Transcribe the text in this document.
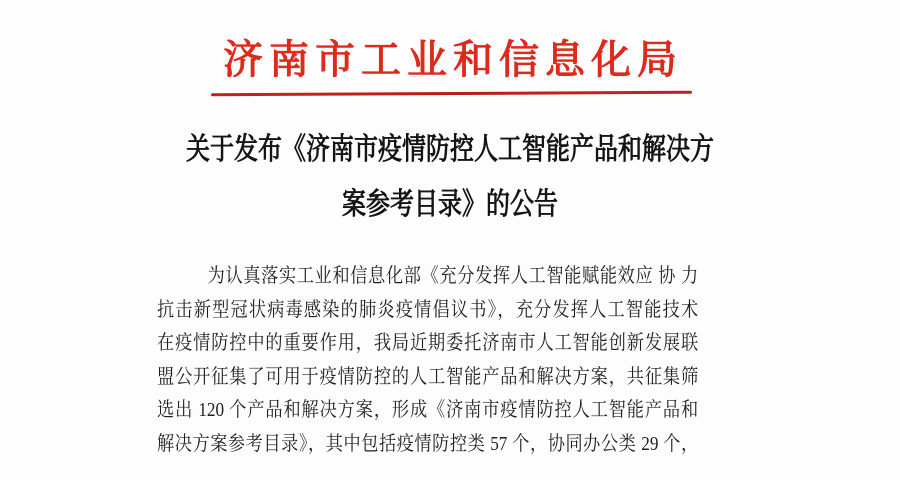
济南市工业和信息化局
关于发布《济南市疫情防控人工智能产品和解决方
案参考目录》的公告
为认真落实工业和信息化部《充分发挥人工智能赋能效应 协 力
抗击新型冠状病毒感染的肺炎疫情倡议书》，充分发挥人工智能技术
在疫情防控中的重要作用，我局近期委托济南市人工智能创新发展联
盟公开征集了可用于疫情防控的人工智能产品和解决方案，共征集筛
选出 120 个产品和解决方案，形成《济南市疫情防控人工智能产品和
解决方案参考目录》，其中包括疫情防控类 57 个，协同办公类 29 个，
